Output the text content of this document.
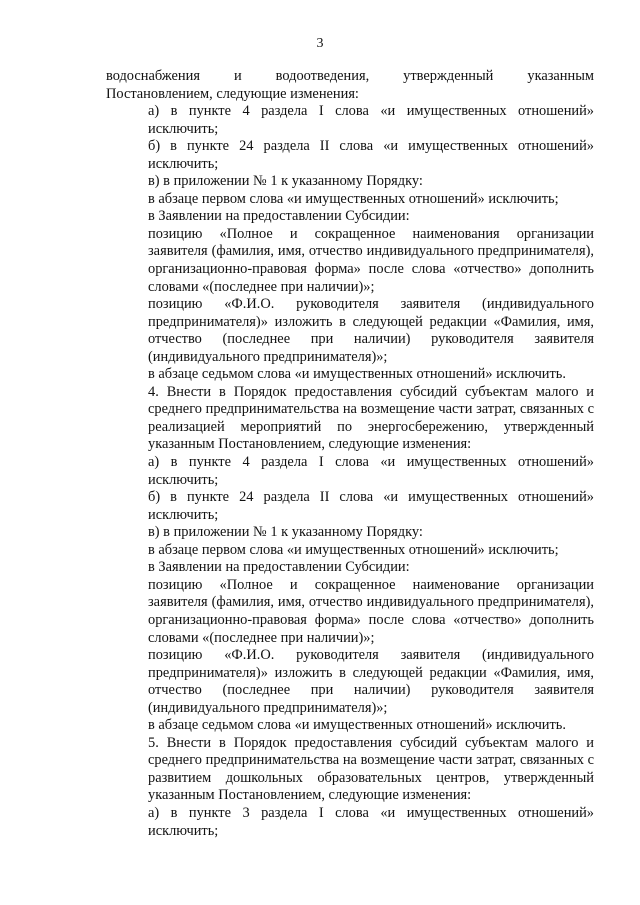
3
водоснабжения и водоотведения, утвержденный указанным
Постановлением, следующие изменения:
а) в пункте 4 раздела I слова «и имущественных отношений»
исключить;
б) в пункте 24 раздела II слова «и имущественных отношений»
исключить;
в) в приложении № 1 к указанному Порядку:
в абзаце первом слова «и имущественных отношений» исключить;
в Заявлении на предоставлении Субсидии:
позицию «Полное и сокращенное наименования организации
заявителя (фамилия, имя, отчество индивидуального предпринимателя),
организационно-правовая форма» после слова «отчество» дополнить
словами «(последнее при наличии)»;
позицию «Ф.И.О. руководителя заявителя (индивидуального
предпринимателя)» изложить в следующей редакции «Фамилия, имя,
отчество (последнее при наличии) руководителя заявителя
(индивидуального предпринимателя)»;
в абзаце седьмом слова «и имущественных отношений» исключить.
4. Внести в Порядок предоставления субсидий субъектам малого и
среднего предпринимательства на возмещение части затрат, связанных с
реализацией мероприятий по энергосбережению, утвержденный
указанным Постановлением, следующие изменения:
а) в пункте 4 раздела I слова «и имущественных отношений»
исключить;
б) в пункте 24 раздела II слова «и имущественных отношений»
исключить;
в) в приложении № 1 к указанному Порядку:
в абзаце первом слова «и имущественных отношений» исключить;
в Заявлении на предоставлении Субсидии:
позицию «Полное и сокращенное наименование организации
заявителя (фамилия, имя, отчество индивидуального предпринимателя),
организационно-правовая форма» после слова «отчество» дополнить
словами «(последнее при наличии)»;
позицию «Ф.И.О. руководителя заявителя (индивидуального
предпринимателя)» изложить в следующей редакции «Фамилия, имя,
отчество (последнее при наличии) руководителя заявителя
(индивидуального предпринимателя)»;
в абзаце седьмом слова «и имущественных отношений» исключить.
5. Внести в Порядок предоставления субсидий субъектам малого и
среднего предпринимательства на возмещение части затрат, связанных с
развитием дошкольных образовательных центров, утвержденный
указанным Постановлением, следующие изменения:
а) в пункте 3 раздела I слова «и имущественных отношений»
исключить;
